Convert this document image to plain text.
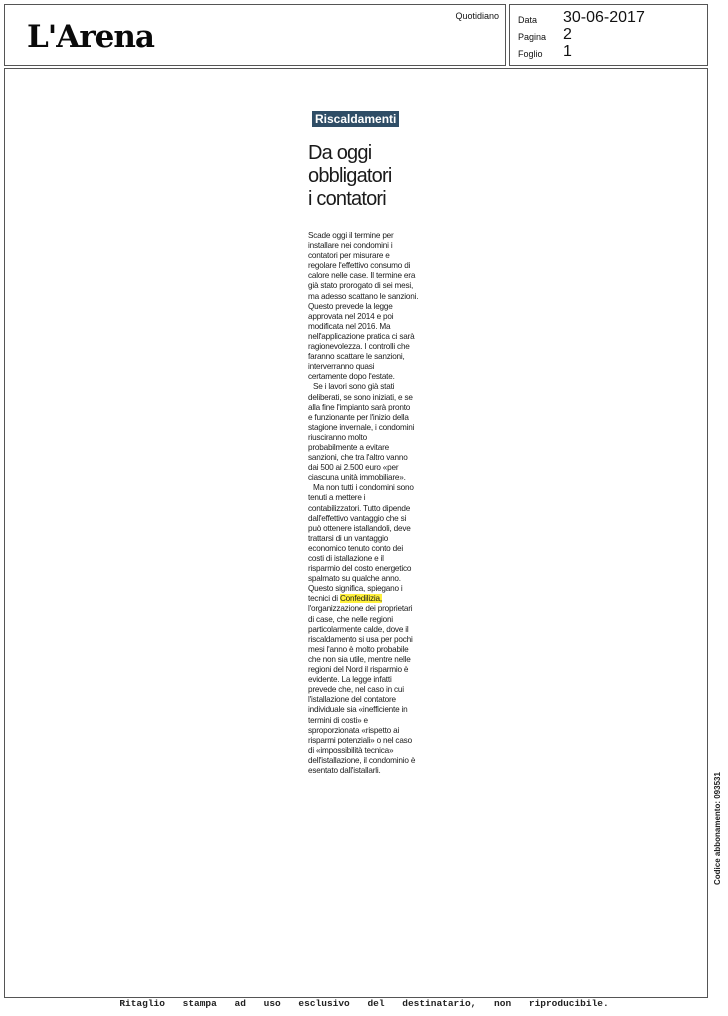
L'Arena
Quotidiano Data 30-06-2017
Pagina 2
Foglio 1
Riscaldamenti
Da oggi
obbligatori
i contatori

Scade oggi il termine per
installare nei condomini i
contatori per misurare e
regolare l'effettivo consumo di
calore nelle case. Il termine era
già stato prorogato di sei mesi,
ma adesso scattano le sanzioni.
Questo prevede la legge
approvata nel 2014 e poi
modificata nel 2016. Ma
nell'applicazione pratica ci sarà
ragionevolezza. I controlli che
faranno scattare le sanzioni,
interverranno quasi
certamente dopo l'estate.

Se i lavori sono già stati
deliberati, se sono iniziati, e se
alla fine l'impianto sarà pronto
e funzionante per l'inizio della
stagione invernale, i condomini
riusciranno molto
probabilmente a evitare
sanzioni, che tra l'altro vanno
dai 500 ai 2.500 euro «per
ciascuna unità immobiliare».

Ma non tutti i condomini sono
tenuti a mettere i
contabilizzatori. Tutto dipende
dall'effettivo vantaggio che si
può ottenere istallandoli, deve
trattarsi di un vantaggio
economico tenuto conto dei
costi di istallazione e il
risparmio del costo energetico
spalmato su qualche anno.
Questo significa, spiegano i
tecnici di Confedilizia,
l'organizzazione dei proprietari
di case, che nelle regioni
particolarmente calde, dove il
riscaldamento si usa per pochi
mesi l'anno è molto probabile
che non sia utile, mentre nelle
regioni del Nord il risparmio è
evidente. La legge infatti
prevede che, nel caso in cui
l'istallazione del contatore
individuale sia «inefficiente in
termini di costi» e
sproporzionata «rispetto ai
risparmi potenziali» o nel caso
di «impossibilità tecnica»
dell'istallazione, il condominio è
esentato dall'istallarli.

Codice abbonamento: 093531
Ritaglio stampa ad uso esclusivo del destinatario, non riproducibile.
